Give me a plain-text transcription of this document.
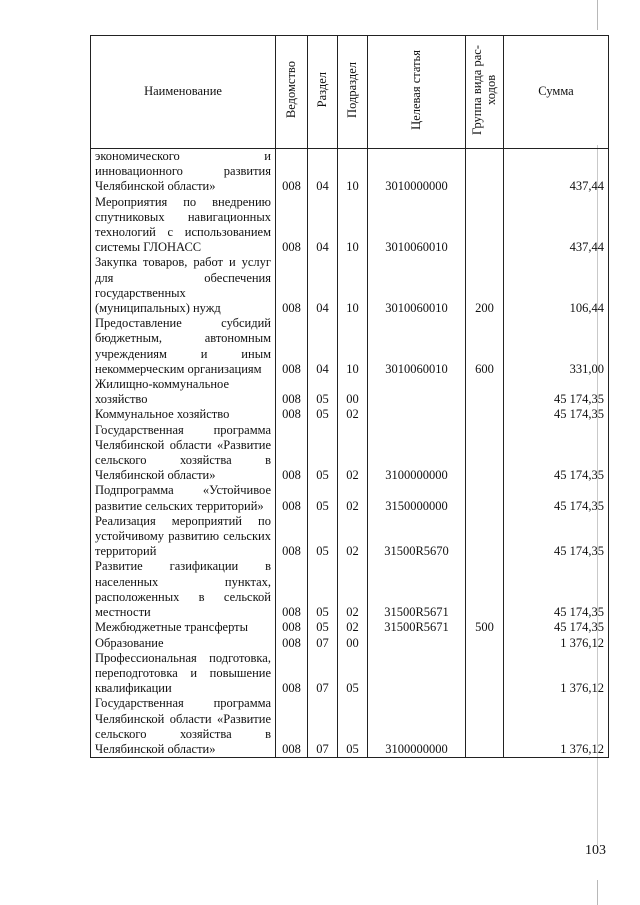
Наименование	Ведомство	Раздел	Подраздел	Целевая статья	Группа вида рас-ходов	Сумма
экономического и инновационного развития Челябинской области»	008	04	10	3010000000		437,44
Мероприятия по внедрению спутниковых навигационных технологий с использованием системы ГЛОНАСС	008	04	10	3010060010		437,44
Закупка товаров, работ и услуг для обеспечения государственных (муниципальных) нужд	008	04	10	3010060010	200	106,44
Предоставление субсидий бюджетным, автономным учреждениям и иным некоммерческим организациям	008	04	10	3010060010	600	331,00
Жилищно-коммунальное хозяйство	008	05	00			45 174,35
Коммунальное хозяйство	008	05	02			45 174,35
Государственная программа Челябинской области «Развитие сельского хозяйства в Челябинской области»	008	05	02	3100000000		45 174,35
Подпрограмма «Устойчивое развитие сельских территорий»	008	05	02	3150000000		45 174,35
Реализация мероприятий по устойчивому развитию сельских территорий	008	05	02	31500R5670		45 174,35
Развитие газификации в населенных пунктах, расположенных в сельской местности	008	05	02	31500R5671		45 174,35
Межбюджетные трансферты	008	05	02	31500R5671	500	45 174,35
Образование	008	07	00			1 376,12
Профессиональная подготовка, переподготовка и повышение квалификации	008	07	05			1 376,12
Государственная программа Челябинской области «Развитие сельского хозяйства в Челябинской области»	008	07	05	3100000000		1 376,12
103
